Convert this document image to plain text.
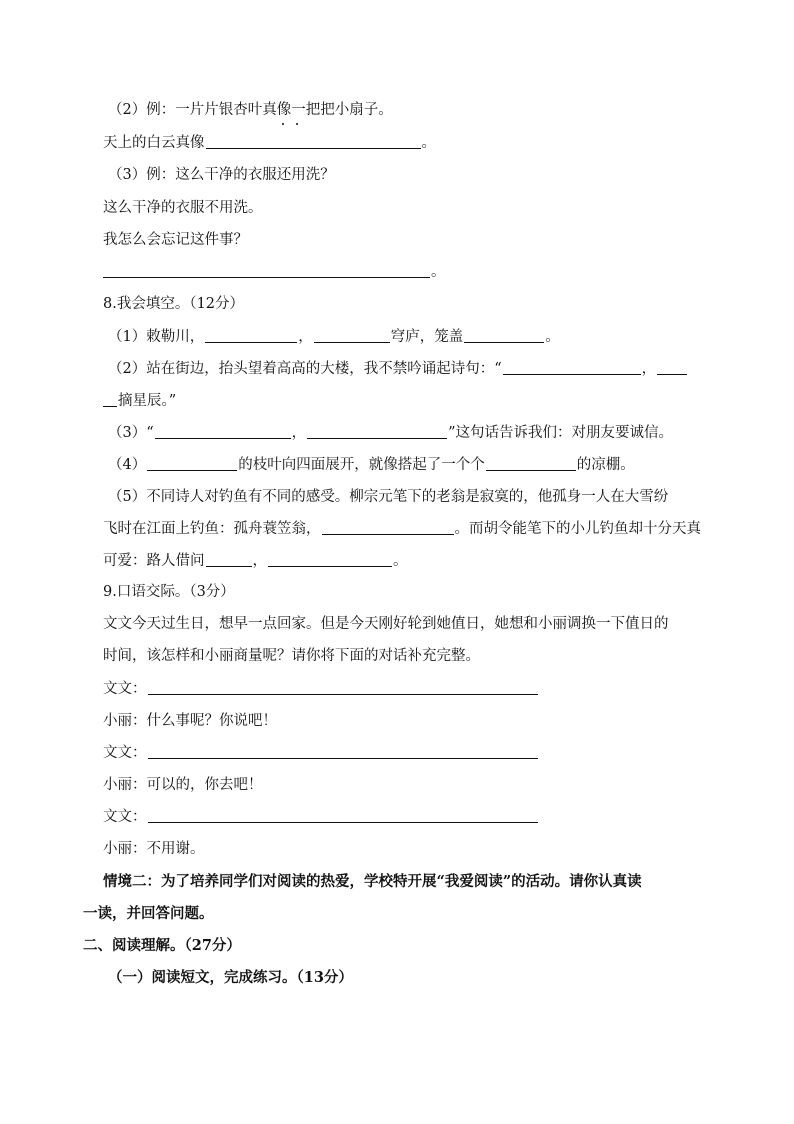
（2）例：一片片银杏叶真像一把把小扇子。
天上的白云真像	。
（3）例：这么干净的衣服还用洗？
这么干净的衣服不用洗。
我怎么会忘记这件事？
。
8.我会填空。（12分）
（1）敕勒川，	，	穹庐，笼盖	。
（2）站在街边，抬头望着高高的大楼，我不禁吟诵起诗句：“	，
摘星辰。”
（3）“	，	”这句话告诉我们：对朋友要诚信。
（4）	的枝叶向四面展开，就像搭起了一个个	的凉棚。
（5）不同诗人对钓鱼有不同的感受。柳宗元笔下的老翁是寂寞的，他孤身一人在大雪纷
飞时在江面上钓鱼：孤舟蓑笠翁，	。而胡令能笔下的小儿钓鱼却十分天真
可爱：路人借问	，	。
9.口语交际。（3分）
文文今天过生日，想早一点回家。但是今天刚好轮到她值日，她想和小丽调换一下值日的
时间，该怎样和小丽商量呢？请你将下面的对话补充完整。
文文：
小丽：什么事呢？你说吧！
文文：
小丽：可以的，你去吧！
文文：
小丽：不用谢。
情境二：为了培养同学们对阅读的热爱，学校特开展“我爱阅读”的活动。请你认真读
一读，并回答问题。
二、阅读理解。（27分）
（一）阅读短文，完成练习。（13分）
